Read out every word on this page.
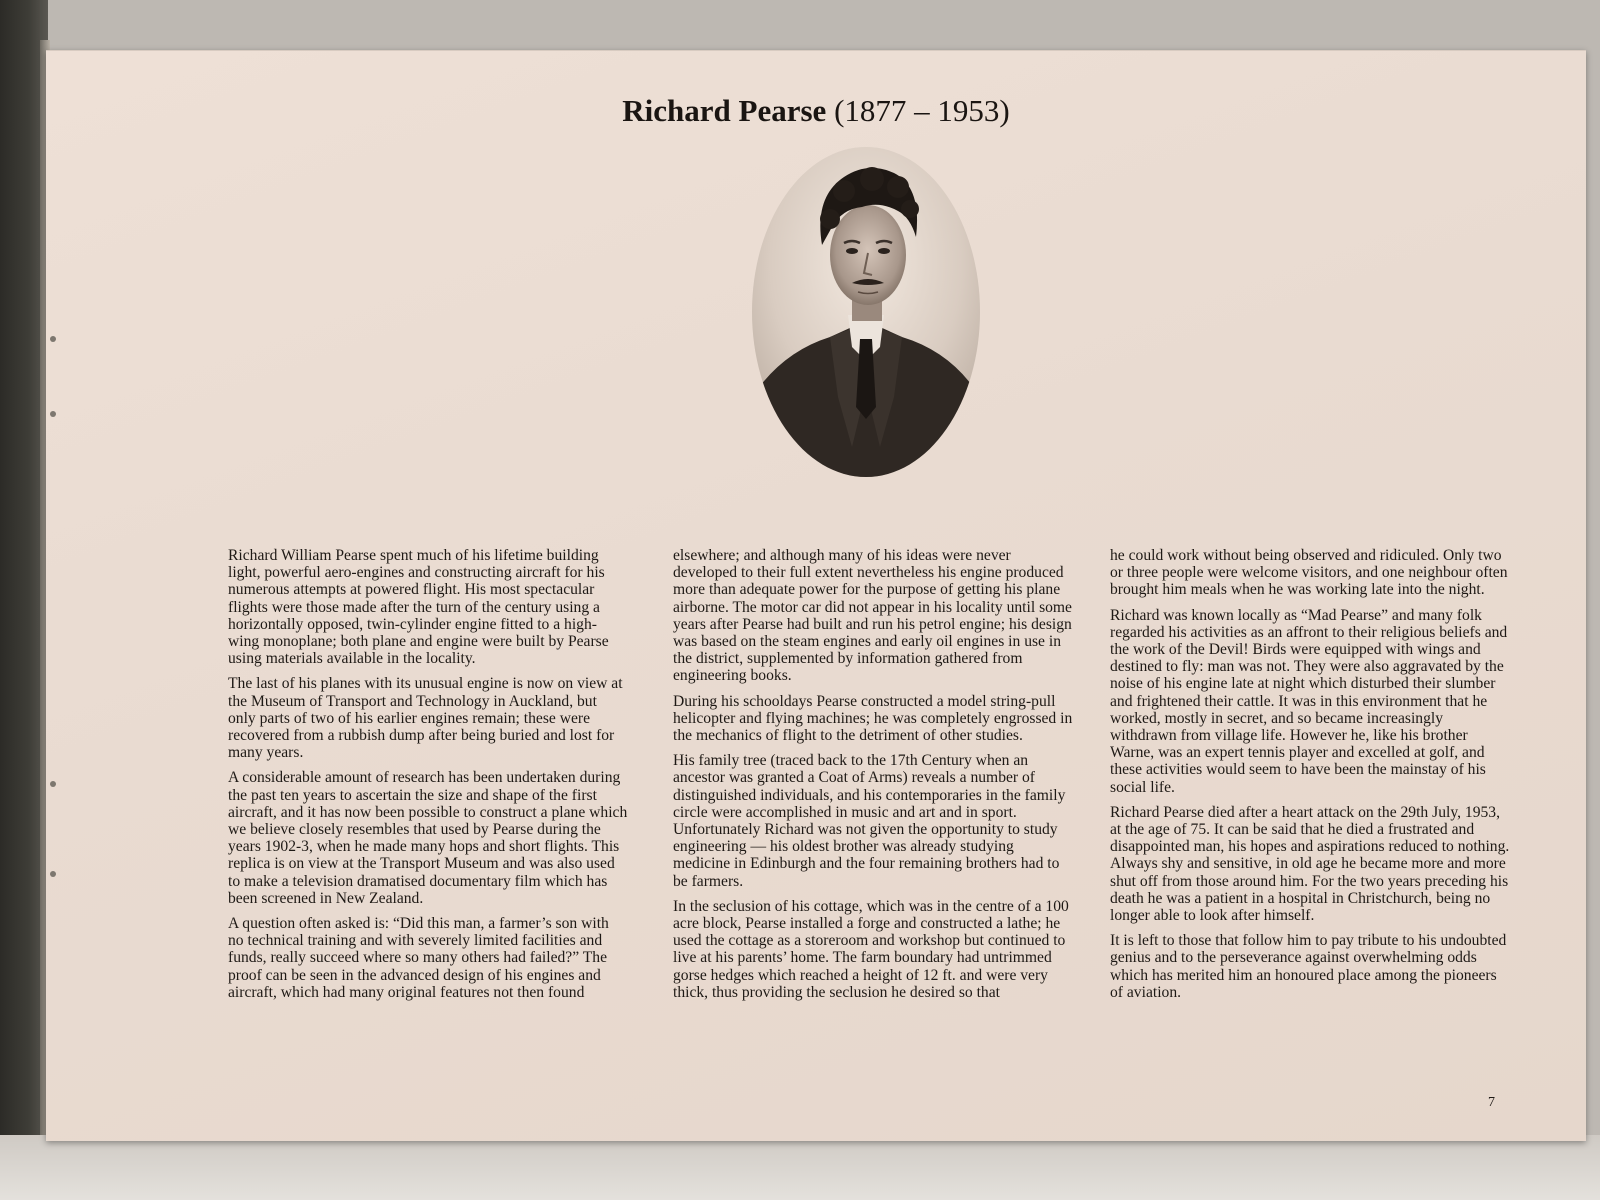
Richard Pearse (1877 – 1953)

Richard William Pearse spent much of his lifetime building light, powerful aero-engines and constructing aircraft for his numerous attempts at powered flight. His most spectacular flights were those made after the turn of the century using a horizontally opposed, twin-cylinder engine fitted to a high-wing monoplane; both plane and engine were built by Pearse using materials available in the locality.

The last of his planes with its unusual engine is now on view at the Museum of Transport and Technology in Auckland, but only parts of two of his earlier engines remain; these were recovered from a rubbish dump after being buried and lost for many years.

A considerable amount of research has been undertaken during the past ten years to ascertain the size and shape of the first aircraft, and it has now been possible to construct a plane which we believe closely resembles that used by Pearse during the years 1902-3, when he made many hops and short flights. This replica is on view at the Transport Museum and was also used to make a television dramatised documentary film which has been screened in New Zealand.

A question often asked is: “Did this man, a farmer’s son with no technical training and with severely limited facilities and funds, really succeed where so many others had failed?” The proof can be seen in the advanced design of his engines and aircraft, which had many original features not then found

elsewhere; and although many of his ideas were never developed to their full extent nevertheless his engine produced more than adequate power for the purpose of getting his plane airborne. The motor car did not appear in his locality until some years after Pearse had built and run his petrol engine; his design was based on the steam engines and early oil engines in use in the district, supplemented by information gathered from engineering books.

During his schooldays Pearse constructed a model string-pull helicopter and flying machines; he was completely engrossed in the mechanics of flight to the detriment of other studies.

His family tree (traced back to the 17th Century when an ancestor was granted a Coat of Arms) reveals a number of distinguished individuals, and his contemporaries in the family circle were accomplished in music and art and in sport. Unfortunately Richard was not given the opportunity to study engineering — his oldest brother was already studying medicine in Edinburgh and the four remaining brothers had to be farmers.

In the seclusion of his cottage, which was in the centre of a 100 acre block, Pearse installed a forge and constructed a lathe; he used the cottage as a storeroom and workshop but continued to live at his parents’ home. The farm boundary had untrimmed gorse hedges which reached a height of 12 ft. and were very thick, thus providing the seclusion he desired so that

he could work without being observed and ridiculed. Only two or three people were welcome visitors, and one neighbour often brought him meals when he was working late into the night.

Richard was known locally as “Mad Pearse” and many folk regarded his activities as an affront to their religious beliefs and the work of the Devil! Birds were equipped with wings and destined to fly: man was not. They were also aggravated by the noise of his engine late at night which disturbed their slumber and frightened their cattle. It was in this environment that he worked, mostly in secret, and so became increasingly withdrawn from village life. However he, like his brother Warne, was an expert tennis player and excelled at golf, and these activities would seem to have been the mainstay of his social life.

Richard Pearse died after a heart attack on the 29th July, 1953, at the age of 75. It can be said that he died a frustrated and disappointed man, his hopes and aspirations reduced to nothing. Always shy and sensitive, in old age he became more and more shut off from those around him. For the two years preceding his death he was a patient in a hospital in Christchurch, being no longer able to look after himself.

It is left to those that follow him to pay tribute to his undoubted genius and to the perseverance against overwhelming odds which has merited him an honoured place among the pioneers of aviation.

7
